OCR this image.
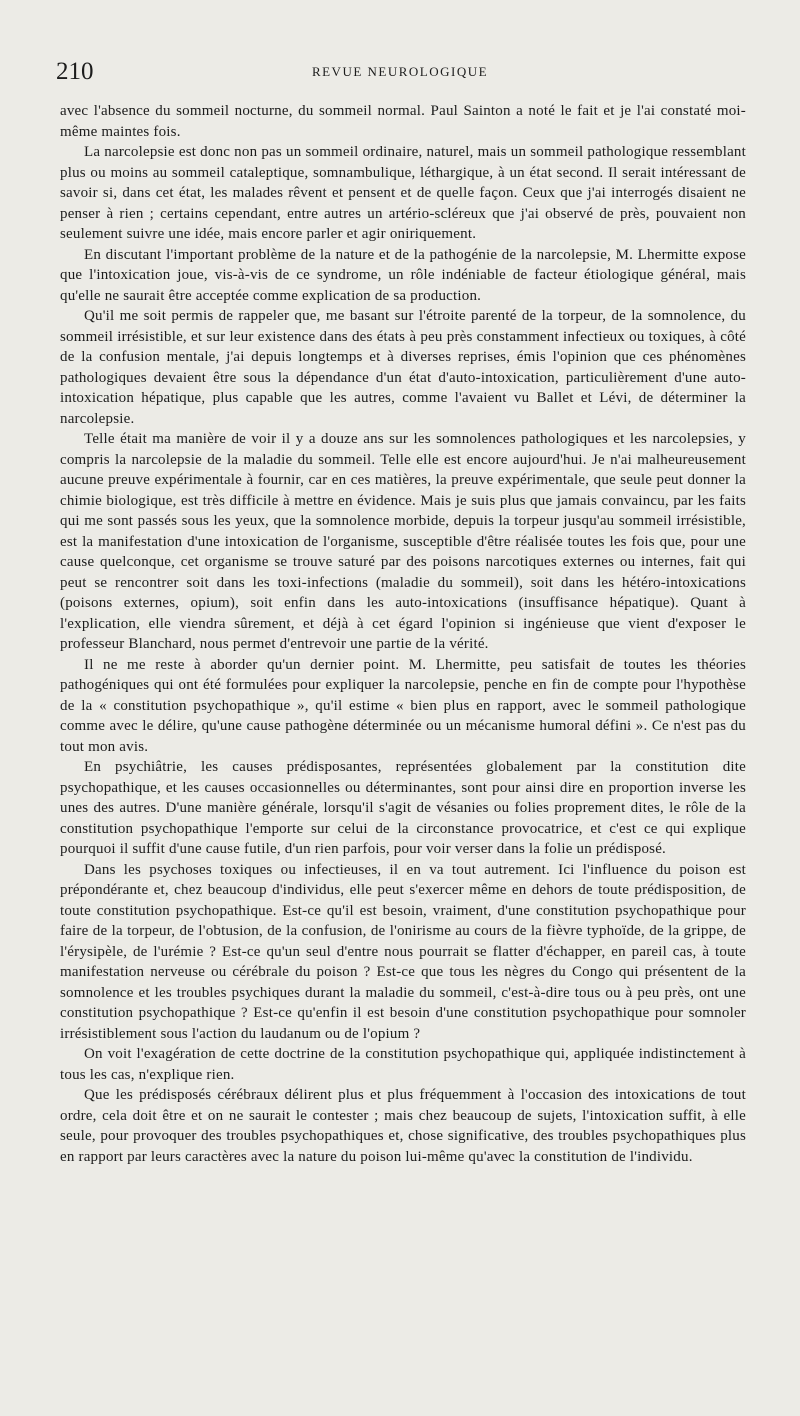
210	REVUE NEUROLOGIQUE

avec l'absence du sommeil nocturne, du sommeil normal. Paul Sainton a noté le fait et je l'ai constaté moi-même maintes fois.

La narcolepsie est donc non pas un sommeil ordinaire, naturel, mais un sommeil pathologique ressemblant plus ou moins au sommeil cataleptique, somnambulique, léthargique, à un état second. Il serait intéressant de savoir si, dans cet état, les malades rêvent et pensent et de quelle façon. Ceux que j'ai interrogés disaient ne penser à rien ; certains cependant, entre autres un artério-scléreux que j'ai observé de près, pouvaient non seulement suivre une idée, mais encore parler et agir oniriquement.

En discutant l'important problème de la nature et de la pathogénie de la narcolepsie, M. Lhermitte expose que l'intoxication joue, vis-à-vis de ce syndrome, un rôle indéniable de facteur étiologique général, mais qu'elle ne saurait être acceptée comme explication de sa production.

Qu'il me soit permis de rappeler que, me basant sur l'étroite parenté de la torpeur, de la somnolence, du sommeil irrésistible, et sur leur existence dans des états à peu près constamment infectieux ou toxiques, à côté de la confusion mentale, j'ai depuis longtemps et à diverses reprises, émis l'opinion que ces phénomènes pathologiques devaient être sous la dépendance d'un état d'auto-intoxication, particulièrement d'une auto-intoxication hépatique, plus capable que les autres, comme l'avaient vu Ballet et Lévi, de déterminer la narcolepsie.

Telle était ma manière de voir il y a douze ans sur les somnolences pathologiques et les narcolepsies, y compris la narcolepsie de la maladie du sommeil. Telle elle est encore aujourd'hui. Je n'ai malheureusement aucune preuve expérimentale à fournir, car en ces matières, la preuve expérimentale, que seule peut donner la chimie biologique, est très difficile à mettre en évidence. Mais je suis plus que jamais convaincu, par les faits qui me sont passés sous les yeux, que la somnolence morbide, depuis la torpeur jusqu'au sommeil irrésistible, est la manifestation d'une intoxication de l'organisme, susceptible d'être réalisée toutes les fois que, pour une cause quelconque, cet organisme se trouve saturé par des poisons narcotiques externes ou internes, fait qui peut se rencontrer soit dans les toxi-infections (maladie du sommeil), soit dans les hétéro-intoxications (poisons externes, opium), soit enfin dans les auto-intoxications (insuffisance hépatique). Quant à l'explication, elle viendra sûrement, et déjà à cet égard l'opinion si ingénieuse que vient d'exposer le professeur Blanchard, nous permet d'entrevoir une partie de la vérité.

Il ne me reste à aborder qu'un dernier point. M. Lhermitte, peu satisfait de toutes les théories pathogéniques qui ont été formulées pour expliquer la narcolepsie, penche en fin de compte pour l'hypothèse de la « constitution psychopathique », qu'il estime « bien plus en rapport, avec le sommeil pathologique comme avec le délire, qu'une cause pathogène déterminée ou un mécanisme humoral défini ». Ce n'est pas du tout mon avis.

En psychiâtrie, les causes prédisposantes, représentées globalement par la constitution dite psychopathique, et les causes occasionnelles ou déterminantes, sont pour ainsi dire en proportion inverse les unes des autres. D'une manière générale, lorsqu'il s'agit de vésanies ou folies proprement dites, le rôle de la constitution psychopathique l'emporte sur celui de la circonstance provocatrice, et c'est ce qui explique pourquoi il suffit d'une cause futile, d'un rien parfois, pour voir verser dans la folie un prédisposé.

Dans les psychoses toxiques ou infectieuses, il en va tout autrement. Ici l'influence du poison est prépondérante et, chez beaucoup d'individus, elle peut s'exercer même en dehors de toute prédisposition, de toute constitution psychopathique. Est-ce qu'il est besoin, vraiment, d'une constitution psychopathique pour faire de la torpeur, de l'obtusion, de la confusion, de l'onirisme au cours de la fièvre typhoïde, de la grippe, de l'érysipèle, de l'urémie ? Est-ce qu'un seul d'entre nous pourrait se flatter d'échapper, en pareil cas, à toute manifestation nerveuse ou cérébrale du poison ? Est-ce que tous les nègres du Congo qui présentent de la somnolence et les troubles psychiques durant la maladie du sommeil, c'est-à-dire tous ou à peu près, ont une constitution psychopathique ? Est-ce qu'enfin il est besoin d'une constitution psychopathique pour somnoler irrésistiblement sous l'action du laudanum ou de l'opium ?

On voit l'exagération de cette doctrine de la constitution psychopathique qui, appliquée indistinctement à tous les cas, n'explique rien.

Que les prédisposés cérébraux délirent plus et plus fréquemment à l'occasion des intoxications de tout ordre, cela doit être et on ne saurait le contester ; mais chez beaucoup de sujets, l'intoxication suffit, à elle seule, pour provoquer des troubles psychopathiques et, chose significative, des troubles psychopathiques plus en rapport par leurs caractères avec la nature du poison lui-même qu'avec la constitution de l'individu.
